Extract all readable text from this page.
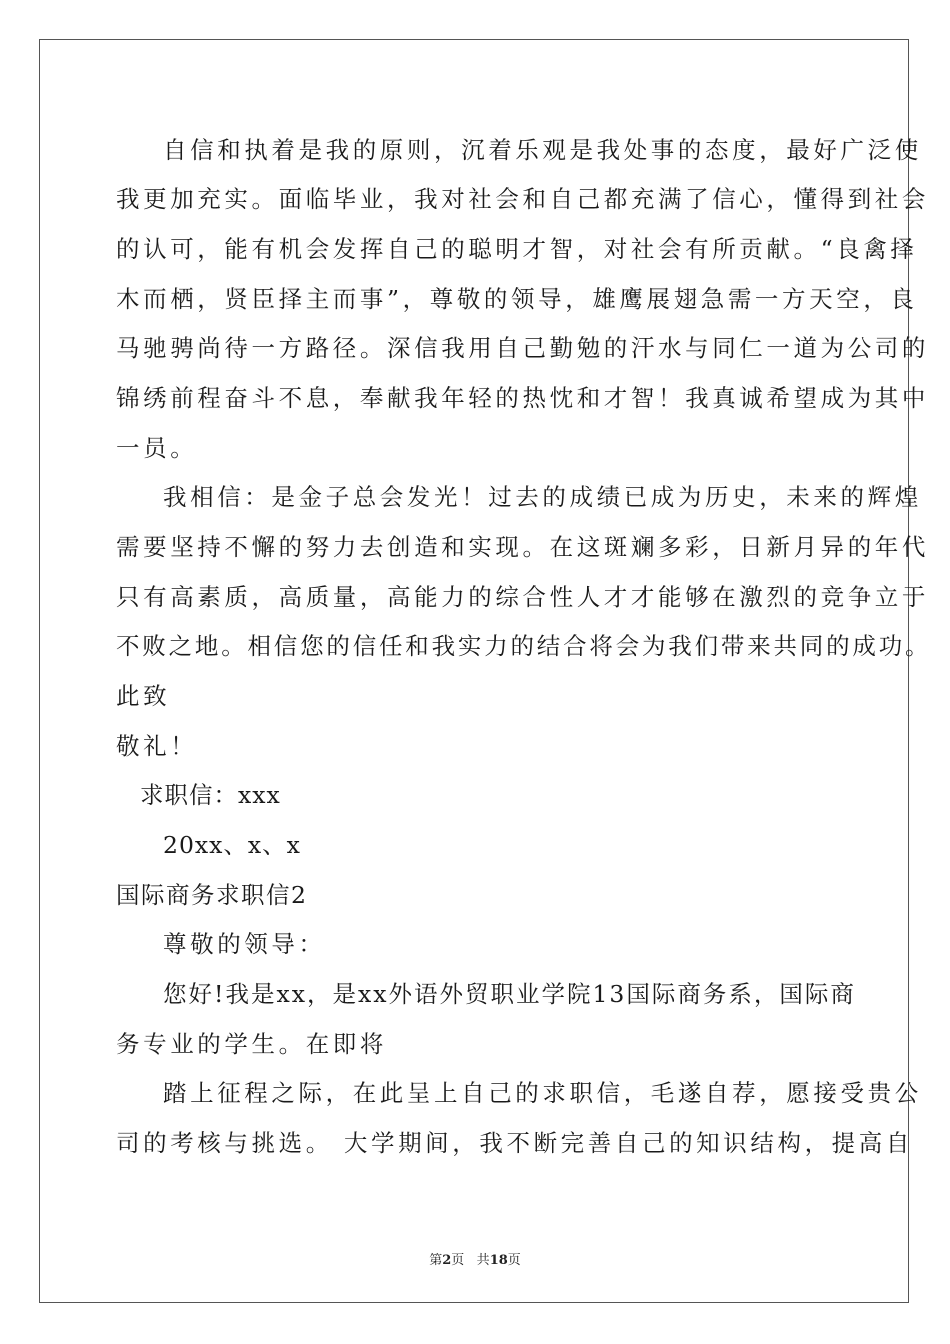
自信和执着是我的原则，沉着乐观是我处事的态度，最好广泛使
我更加充实。面临毕业，我对社会和自己都充满了信心，懂得到社会
的认可，能有机会发挥自己的聪明才智，对社会有所贡献。“良禽择
木而栖，贤臣择主而事”，尊敬的领导，雄鹰展翅急需一方天空，良
马驰骋尚待一方路径。深信我用自己勤勉的汗水与同仁一道为公司的
锦绣前程奋斗不息，奉献我年轻的热忱和才智！我真诚希望成为其中
一员。
我相信：是金子总会发光！过去的成绩已成为历史，未来的辉煌
需要坚持不懈的努力去创造和实现。在这斑斓多彩，日新月异的年代
只有高素质，高质量，高能力的综合性人才才能够在激烈的竞争立于
不败之地。相信您的信任和我实力的结合将会为我们带来共同的成功。
此致
敬礼！
求职信：xxx
20xx、x、x
国际商务求职信2
尊敬的领导：
您好!我是xx，是xx外语外贸职业学院13国际商务系，国际商
务专业的学生。在即将
踏上征程之际，在此呈上自己的求职信，毛遂自荐，愿接受贵公
司的考核与挑选。 大学期间，我不断完善自己的知识结构，提高自
第2页 共18页
